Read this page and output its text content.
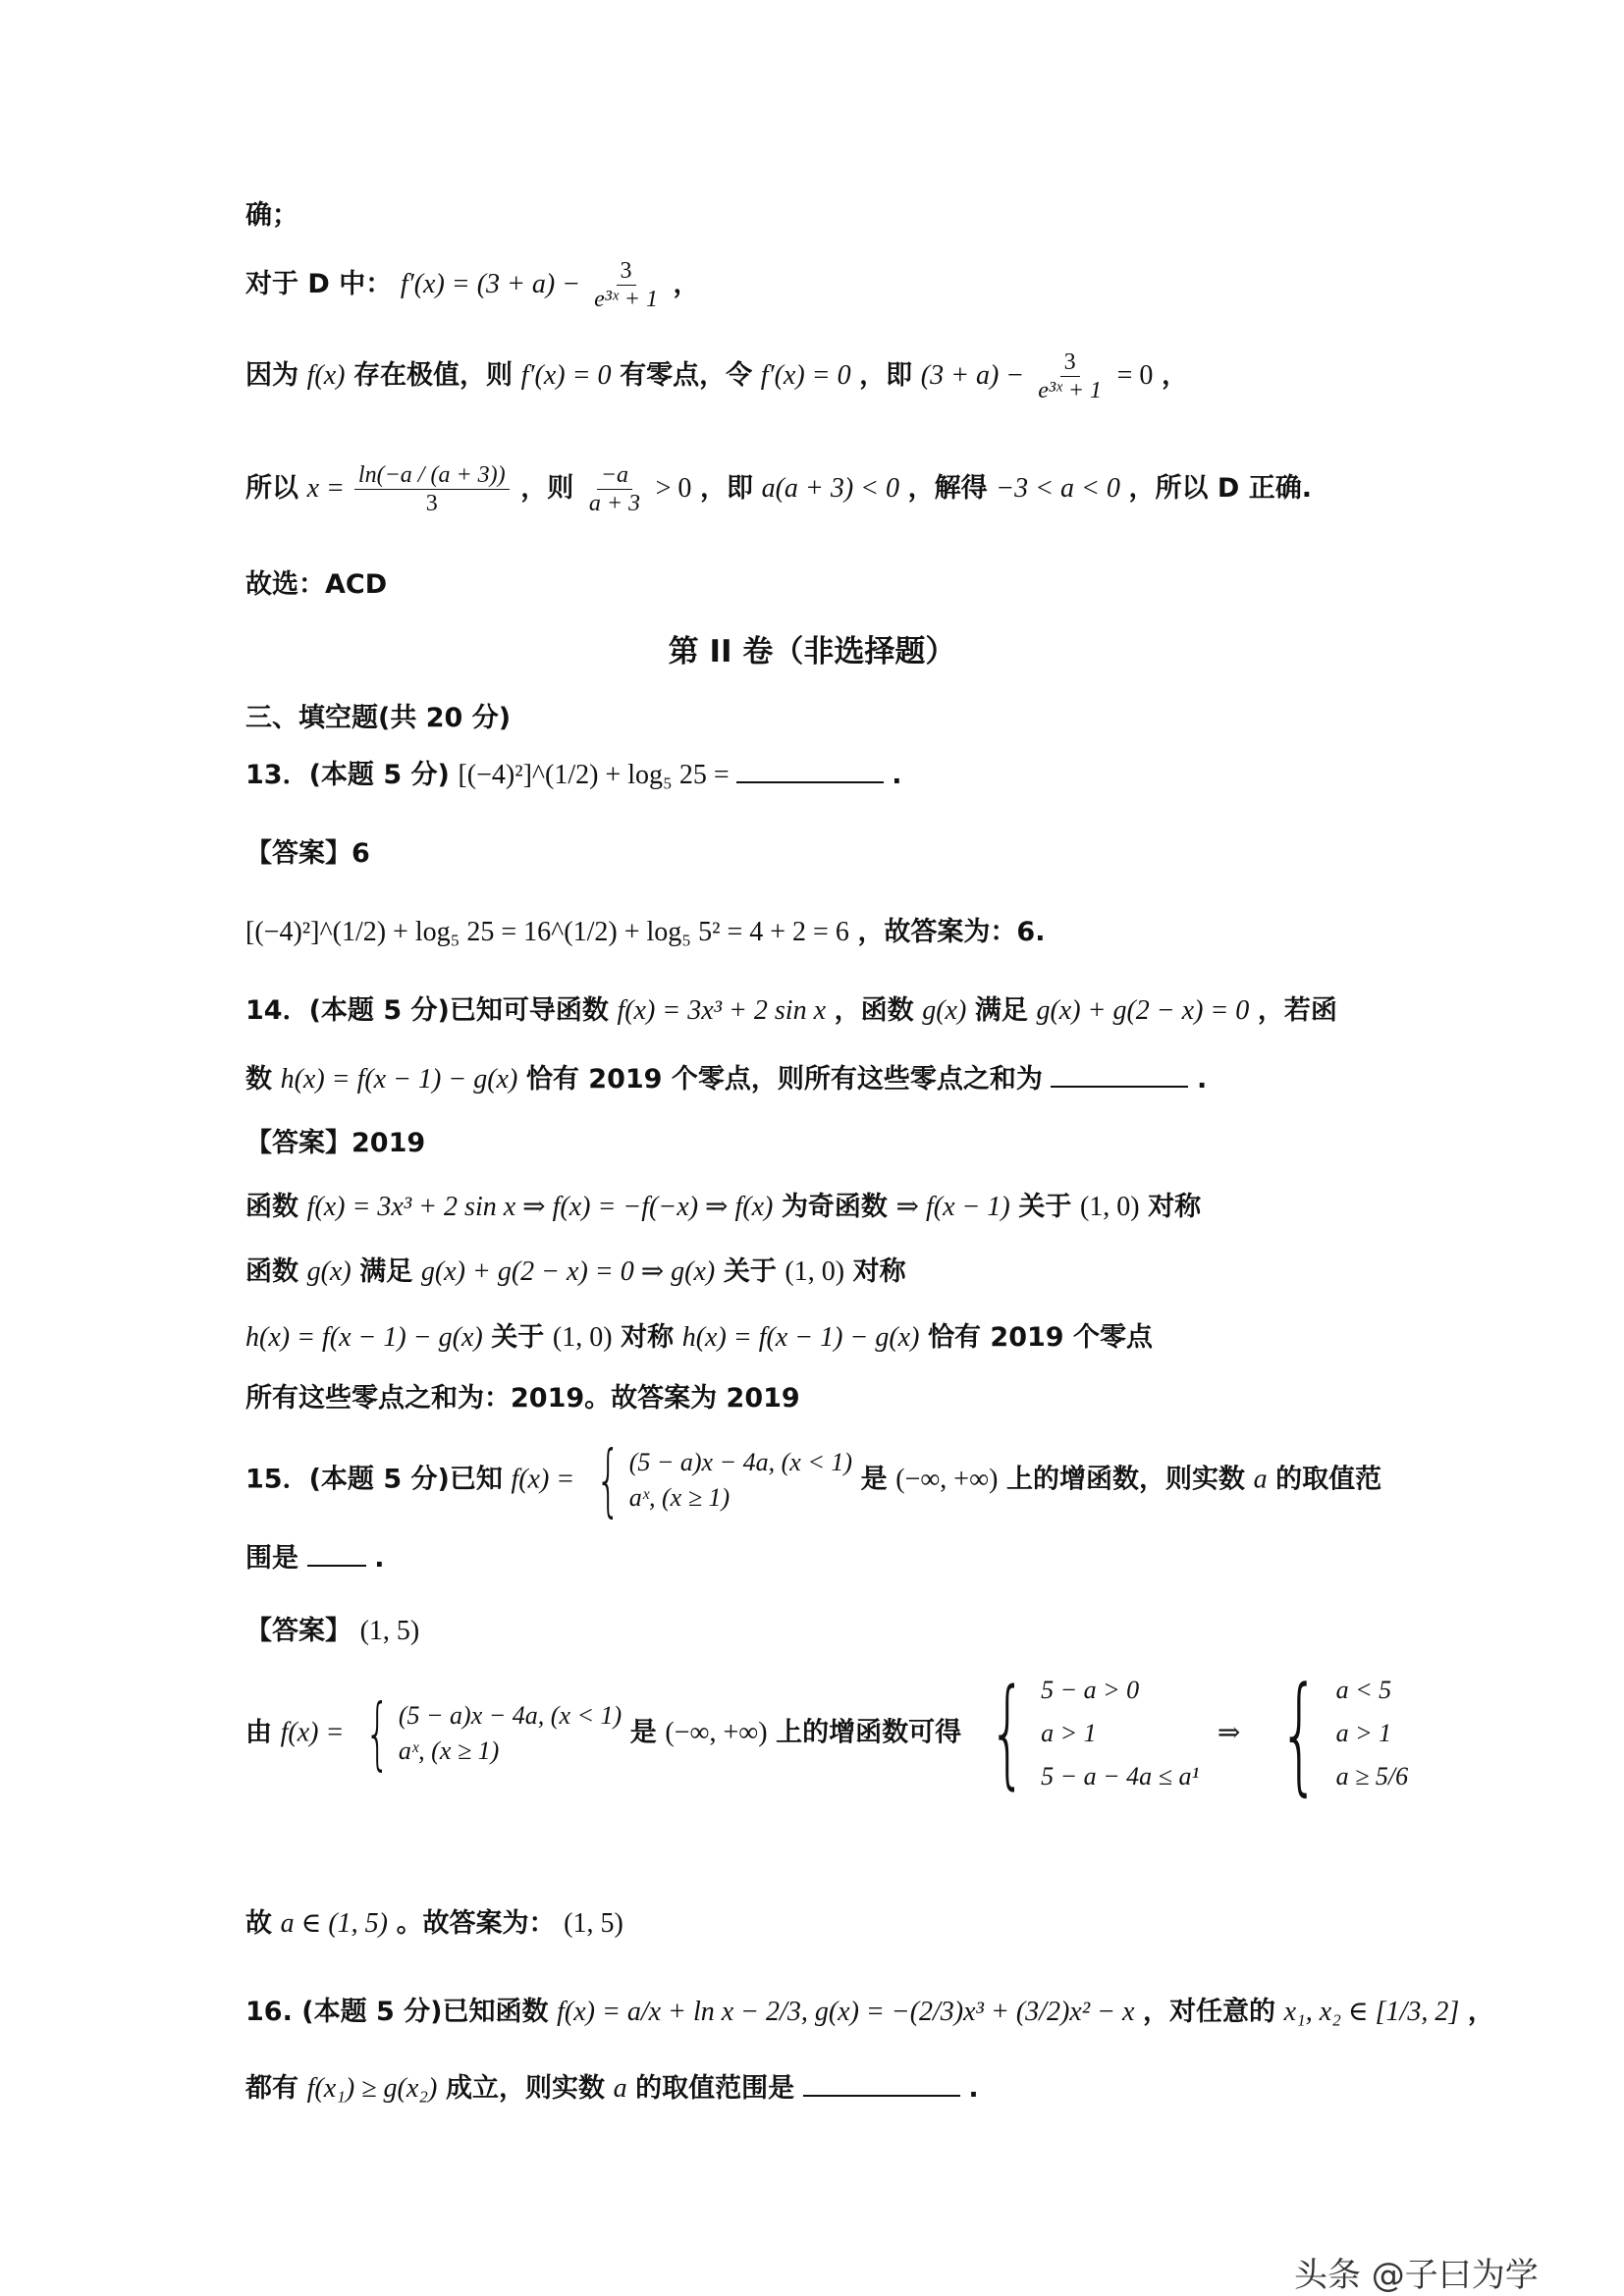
确；
对于 D 中： $f'(x) = (3 + a) - \frac{3}{\text{e³ˣ + 1}}$ ，
因为 f(x) 存在极值，则 f′(x) = 0 有零点，令 f′(x) = 0 ，即 $(3 + a) - \frac{3}{\text{e³ˣ + 1}} = 0$ ，
所以 $x = \frac{\ln(-a / (a + 3))}{3}$ ，则 $\frac{-a}{a + 3} > 0$ ，即 a(a + 3) < 0 ，解得 −3 < a < 0 ，所以 D 正确.
故选：ACD
第 II 卷（非选择题）
三、填空题(共 20 分)
13．(本题 5 分) [(−4)²]^(1/2) + log₅ 25 =	.
【答案】6
[(−4)²]^(1/2) + log₅ 25 = 16^(1/2) + log₅ 5² = 4 + 2 = 6 ，故答案为：6.
14．(本题 5 分)已知可导函数 f(x) = 3x³ + 2 sin x ，函数 g(x) 满足 g(x) + g(2 − x) = 0 ，若函
数 h(x) = f(x − 1) − g(x) 恰有 2019 个零点，则所有这些零点之和为	.
【答案】2019
函数 f(x) = 3x³ + 2 sin x ⇒ f(x) = −f(−x) ⇒ f(x) 为奇函数 ⇒ f(x − 1) 关于 (1, 0) 对称
函数 g(x) 满足 g(x) + g(2 − x) = 0 ⇒ g(x) 关于 (1, 0) 对称
h(x) = f(x − 1) − g(x) 关于 (1, 0) 对称 h(x) = f(x − 1) − g(x) 恰有 2019 个零点
所有这些零点之和为：2019。故答案为 2019
15．(本题 5 分)已知 f(x) = { (5 − a)x − 4a, (x < 1)
aˣ, (x ≥ 1)
是 (−∞, +∞) 上的增函数，则实数 a 的取值范
围是	.
【答案】 (1, 5)
由 f(x) = { (5 − a)x − 4a, (x < 1)
aˣ, (x ≥ 1)
是 (−∞, +∞) 上的增函数可得 { 5 − a > 0
a > 1
5 − a − 4a ≤ a¹
⇒ { a < 5
a > 1
a ≥ 5/6
故 a ∈ (1, 5) 。故答案为： (1, 5)
16. (本题 5 分)已知函数 f(x) = a/x + ln x − 2/3, g(x) = −(2/3)x³ + (3/2)x² − x ，对任意的 x₁, x₂ ∈ [1/3, 2] ，
都有 f(x₁) ≥ g(x₂) 成立，则实数 a 的取值范围是	.
头条 @子曰为学
